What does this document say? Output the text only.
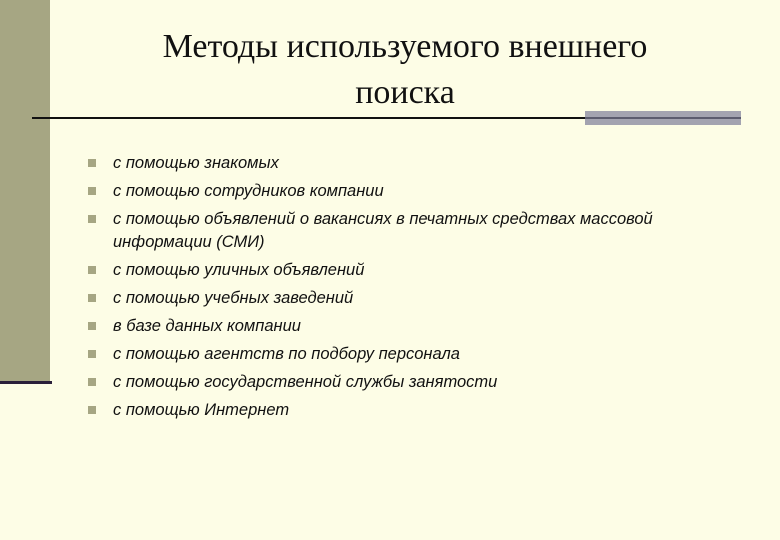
Методы используемого внешнего
поиска
с помощью знакомых
с помощью сотрудников компании
с помощью объявлений о вакансиях в печатных средствах массовой информации (СМИ)
с помощью уличных объявлений
с помощью учебных заведений
в базе данных компании
с помощью агентств по подбору персонала
с помощью государственной службы занятости
с помощью Интернет
